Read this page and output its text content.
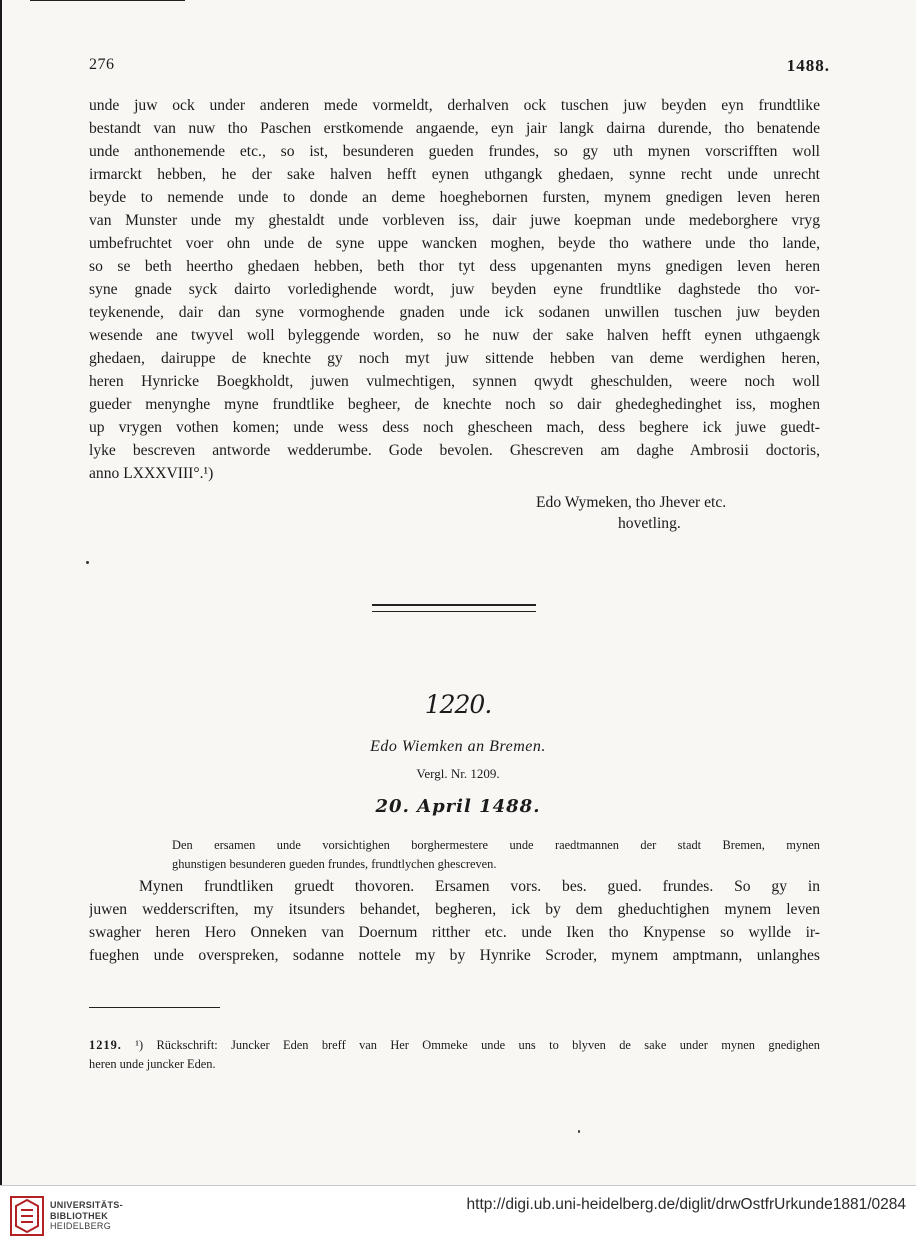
276	1488.
unde juw ock under anderen mede vormeldt, derhalven ock tuschen juw beyden eyn frundtlike
bestandt van nuw tho Paschen erstkomende angaende, eyn jair langk dairna durende, tho benatende
unde anthonemende etc., so ist, besunderen gueden frundes, so gy uth mynen vorscrifften woll
irmarckt hebben, he der sake halven hefft eynen uthgangk ghedaen, synne recht unde unrecht
beyde to nemende unde to donde an deme hoeghebornen fursten, mynem gnedigen leven heren
van Munster unde my ghestaldt unde vorbleven iss, dair juwe koepman unde medeborghere vryg
umbefruchtet voer ohn unde de syne uppe wancken moghen, beyde tho wathere unde tho lande,
so se beth heertho ghedaen hebben, beth thor tyt dess upgenanten myns gnedigen leven heren
syne gnade syck dairto vorledighende wordt, juw beyden eyne frundtlike daghstede tho vor-
teykenende, dair dan syne vormoghende gnaden unde ick sodanen unwillen tuschen juw beyden
wesende ane twyvel woll byleggende worden, so he nuw der sake halven hefft eynen uthgaengk
ghedaen, dairuppe de knechte gy noch myt juw sittende hebben van deme werdighen heren,
heren Hynricke Boegkholdt, juwen vulmechtigen, synnen qwydt gheschulden, weere noch woll
gueder menynghe myne frundtlike begheer, de knechte noch so dair ghedeghedinghet iss, moghen
up vrygen vothen komen; unde wess dess noch ghescheen mach, dess beghere ick juwe guedt-
lyke bescreven antworde wedderumbe. Gode bevolen. Ghescreven am daghe Ambrosii doctoris,
anno LXXXVIII°.¹)
Edo Wymeken, tho Jhever etc.
hovetling.
1220.
Edo Wiemken an Bremen.
Vergl. Nr. 1209.
20. April 1488.
Den ersamen unde vorsichtighen borghermestere unde raedtmannen der stadt Bremen, mynen
ghunstigen besunderen gueden frundes, frundtlychen ghescreven.
Mynen frundtliken gruedt thovoren. Ersamen vors. bes. gued. frundes. So gy in
juwen wedderscriften, my itsunders behandet, begheren, ick by dem gheduchtighen mynem leven
swagher heren Hero Onneken van Doernum ritther etc. unde Iken tho Knypense so wyllde ir-
fueghen unde overspreken, sodanne nottele my by Hynrike Scroder, mynem amptmann, unlanghes
1219. ¹) Rückschrift: Juncker Eden breff van Her Ommeke unde uns to blyven de sake under mynen gnedighen
heren unde juncker Eden.
UNIVERSITÄTS-
BIBLIOTHEK
HEIDELBERG
http://digi.ub.uni-heidelberg.de/diglit/drwOstfrUrkunde1881/0284
